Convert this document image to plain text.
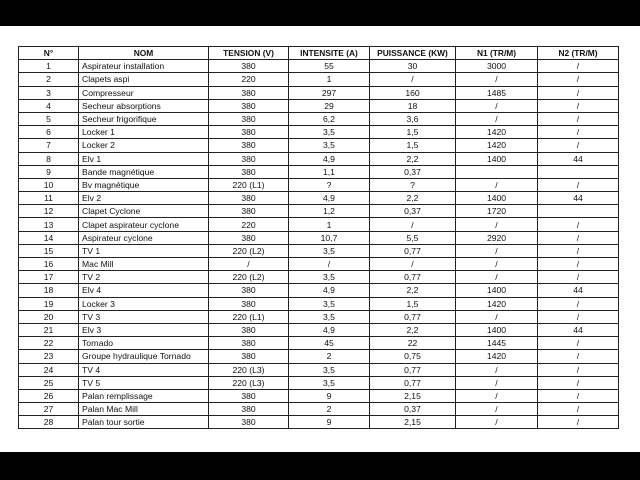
N°	NOM	TENSION (V)	INTENSITE (A)	PUISSANCE (KW)	N1 (TR/M)	N2 (TR/M)
1	Aspirateur installation	380	55	30	3000	/
2	Clapets aspi	220	1	/	/	/
3	Compresseur	380	297	160	1485	/
4	Secheur absorptions	380	29	18	/	/
5	Secheur frigorifique	380	6,2	3,6	/	/
6	Locker 1	380	3,5	1,5	1420	/
7	Locker 2	380	3,5	1,5	1420	/
8	Elv 1	380	4,9	2,2	1400	44
9	Bande magnétique	380	1,1	0,37		
10	Bv magnétique	220 (L1)	?	?	/	/
11	Elv 2	380	4,9	2,2	1400	44
12	Clapet Cyclone	380	1,2	0,37	1720	
13	Clapet aspirateur cyclone	220	1	/	/	/
14	Aspirateur cyclone	380	10,7	5,5	2920	/
15	TV 1	220 (L2)	3,5	0,77	/	/
16	Mac Mill	/	/	/	/	/
17	TV 2	220 (L2)	3,5	0,77	/	/
18	Elv 4	380	4,9	2,2	1400	44
19	Locker 3	380	3,5	1,5	1420	/
20	TV 3	220 (L1)	3,5	0,77	/	/
21	Elv 3	380	4,9	2,2	1400	44
22	Tornado	380	45	22	1445	/
23	Groupe hydraulique Tornado	380	2	0,75	1420	/
24	TV 4	220 (L3)	3,5	0,77	/	/
25	TV 5	220 (L3)	3,5	0,77	/	/
26	Palan remplissage	380	9	2,15	/	/
27	Palan Mac Mill	380	2	0,37	/	/
28	Palan tour sortie	380	9	2,15	/	/
